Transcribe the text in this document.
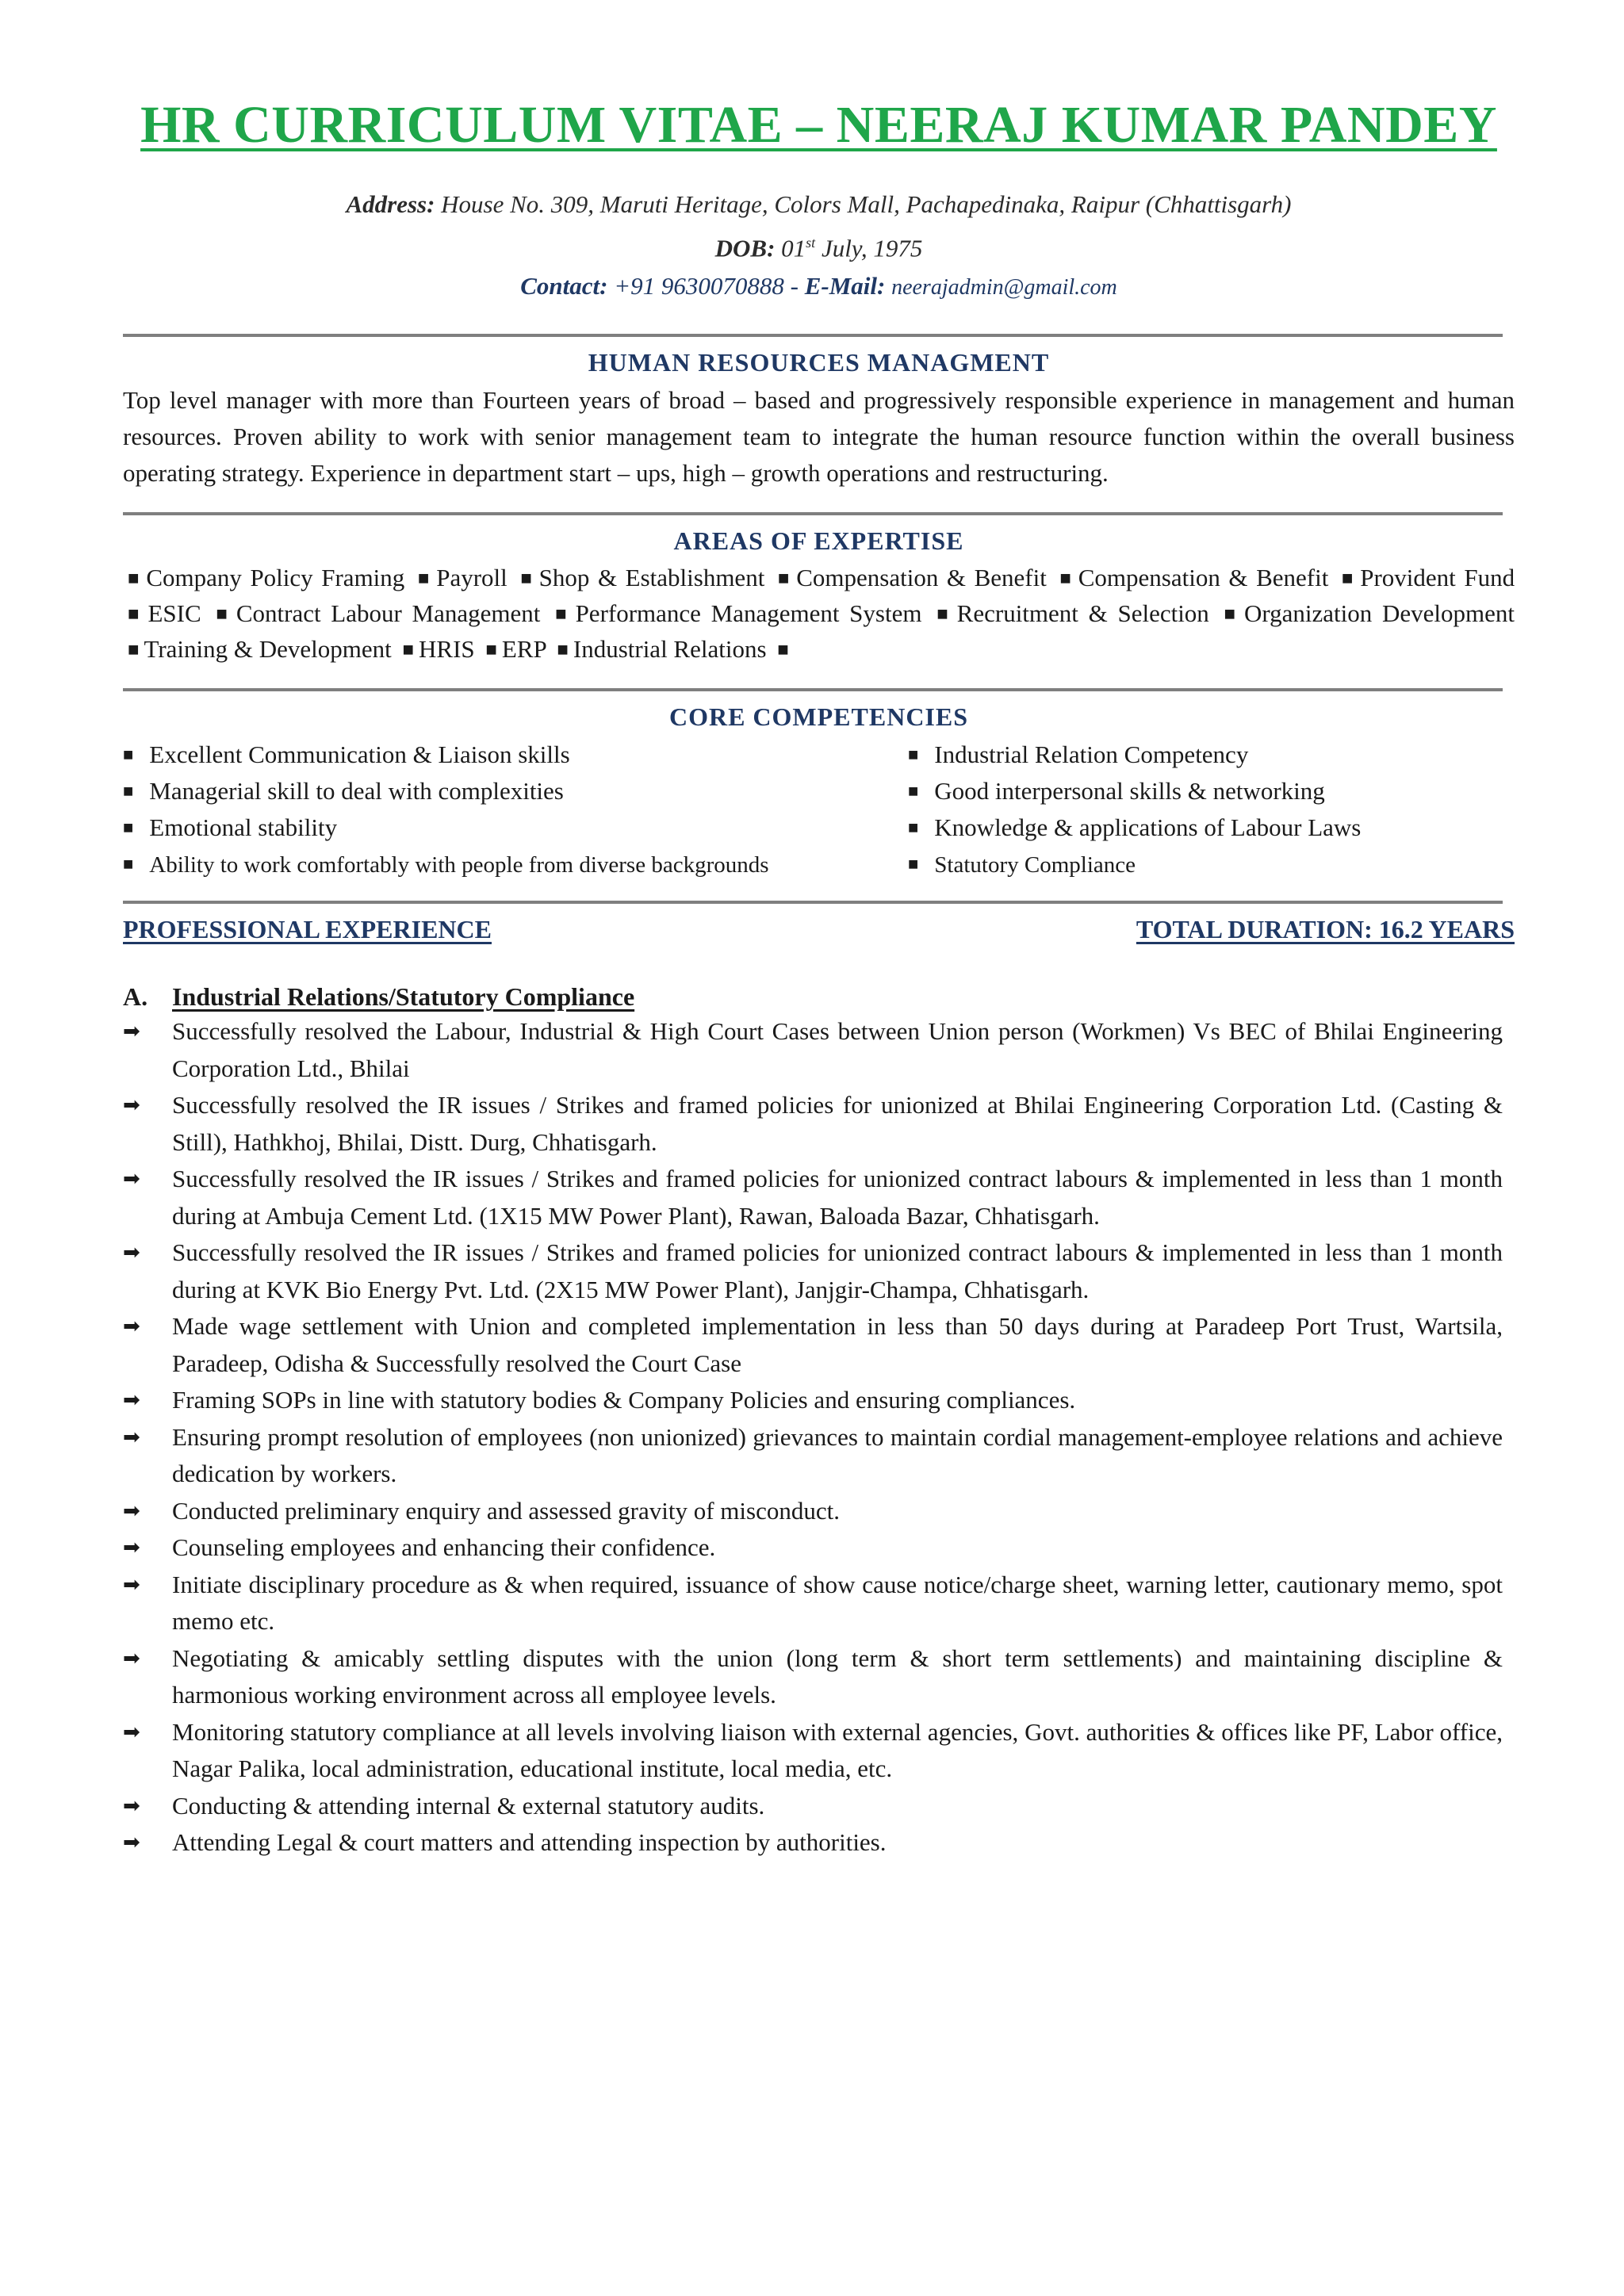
HR CURRICULUM VITAE – NEERAJ KUMAR PANDEY
Address: House No. 309, Maruti Heritage, Colors Mall, Pachapedinaka, Raipur (Chhattisgarh)
DOB: 01st July, 1975
Contact: +91 9630070888 - E-Mail: neerajadmin@gmail.com
HUMAN RESOURCES MANAGMENT

Top level manager with more than Fourteen years of broad – based and progressively responsible experience in management and human resources. Proven ability to work with senior management team to integrate the human resource function within the overall business operating strategy. Experience in department start – ups, high – growth operations and restructuring.

AREAS OF EXPERTISE

■ Company Policy Framing ■ Payroll ■ Shop & Establishment ■ Compensation & Benefit ■ Compensation & Benefit ■ Provident Fund ■ ESIC ■ Contract Labour Management ■ Performance Management System ■ Recruitment & Selection ■ Organization Development ■ Training & Development ■ HRIS ■ ERP ■ Industrial Relations ■

CORE COMPETENCIES
■ Excellent Communication & Liaison skills	■ Industrial Relation Competency
■ Managerial skill to deal with complexities	■ Good interpersonal skills & networking
■ Emotional stability	■ Knowledge & applications of Labour Laws
■ Ability to work comfortably with people from diverse backgrounds	■ Statutory Compliance
PROFESSIONAL EXPERIENCE	TOTAL DURATION: 16.2 YEARS
A. Industrial Relations/Statutory Compliance
➡ Successfully resolved the Labour, Industrial & High Court Cases between Union person (Workmen) Vs BEC of Bhilai Engineering Corporation Ltd., Bhilai
➡ Successfully resolved the IR issues / Strikes and framed policies for unionized at Bhilai Engineering Corporation Ltd. (Casting & Still), Hathkhoj, Bhilai, Distt. Durg, Chhatisgarh.
➡ Successfully resolved the IR issues / Strikes and framed policies for unionized contract labours & implemented in less than 1 month during at Ambuja Cement Ltd. (1X15 MW Power Plant), Rawan, Baloada Bazar, Chhatisgarh.
➡ Successfully resolved the IR issues / Strikes and framed policies for unionized contract labours & implemented in less than 1 month during at KVK Bio Energy Pvt. Ltd. (2X15 MW Power Plant), Janjgir-Champa, Chhatisgarh.
➡ Made wage settlement with Union and completed implementation in less than 50 days during at Paradeep Port Trust, Wartsila, Paradeep, Odisha & Successfully resolved the Court Case
➡ Framing SOPs in line with statutory bodies & Company Policies and ensuring compliances.
➡ Ensuring prompt resolution of employees (non unionized) grievances to maintain cordial management-employee relations and achieve dedication by workers.
➡ Conducted preliminary enquiry and assessed gravity of misconduct.
➡ Counseling employees and enhancing their confidence.
➡ Initiate disciplinary procedure as & when required, issuance of show cause notice/charge sheet, warning letter, cautionary memo, spot memo etc.
➡ Negotiating & amicably settling disputes with the union (long term & short term settlements) and maintaining discipline & harmonious working environment across all employee levels.
➡ Monitoring statutory compliance at all levels involving liaison with external agencies, Govt. authorities & offices like PF, Labor office, Nagar Palika, local administration, educational institute, local media, etc.
➡ Conducting & attending internal & external statutory audits.
➡ Attending Legal & court matters and attending inspection by authorities.
